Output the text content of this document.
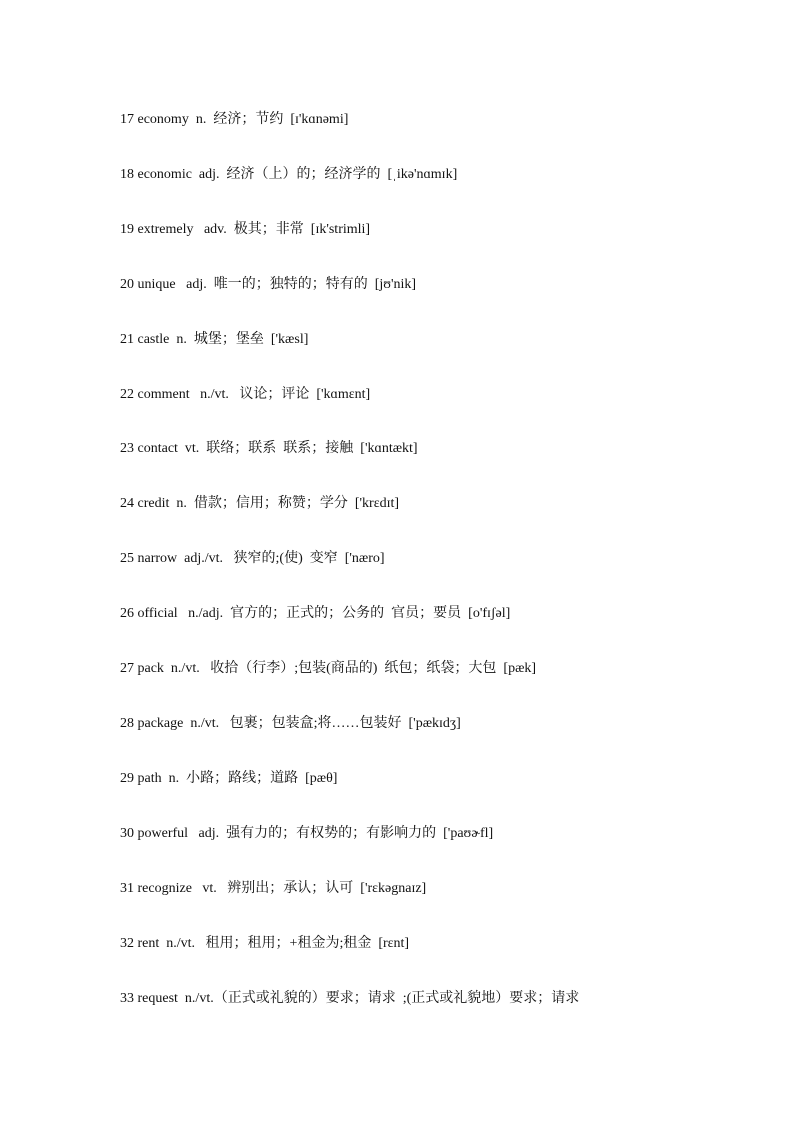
17 economy  n.  经济；节约  [ɪ'kɑnəmi]
18 economic  adj.  经济（上）的；经济学的  [ˌikə'nɑmɪk]
19 extremely   adv.  极其；非常  [ɪk'strimli]
20 unique   adj.  唯一的；独特的；特有的  [jʊ'nik]
21 castle  n.  城堡；堡垒  ['kæsl]
22 comment   n./vt.   议论；评论  ['kɑmɛnt]
23 contact  vt.  联络；联系  联系；接触  ['kɑntækt]
24 credit  n.  借款；信用；称赞；学分  ['krɛdɪt]
25 narrow  adj./vt.   狭窄的;(使)  变窄  ['næro]
26 official   n./adj.  官方的；正式的；公务的  官员；要员  [o'fɪʃəl]
27 pack  n./vt.   收拾（行李）;包装(商品的)  纸包；纸袋；大包  [pæk]
28 package  n./vt.   包裹；包装盒;将……包装好  ['pækɪdʒ]
29 path  n.  小路；路线；道路  [pæθ]
30 powerful   adj.  强有力的；有权势的；有影响力的  ['paʊɚfl]
31 recognize   vt.   辨别出；承认；认可  ['rɛkəgnaɪz]
32 rent  n./vt.   租用；租用；+租金为;租金  [rɛnt]
33 request  n./vt.（正式或礼貌的）要求；请求  ;(正式或礼貌地）要求；请求
